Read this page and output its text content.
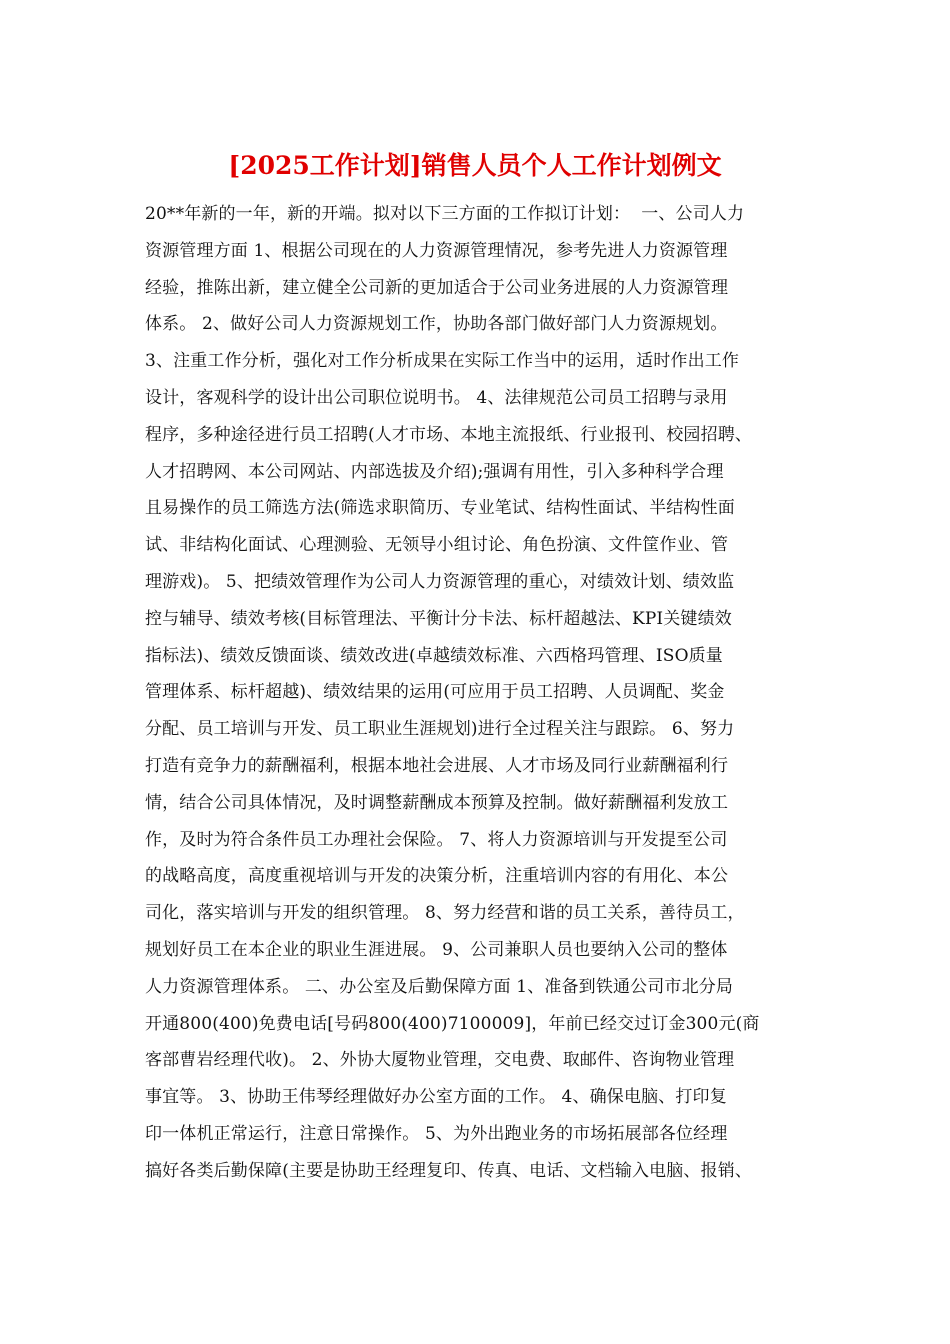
[2025工作计划]销售人员个人工作计划例文
20**年新的一年，新的开端。拟对以下三方面的工作拟订计划：  一、公司人力
资源管理方面 1、根据公司现在的人力资源管理情况，参考先进人力资源管理
经验，推陈出新，建立健全公司新的更加适合于公司业务进展的人力资源管理
体系。 2、做好公司人力资源规划工作，协助各部门做好部门人力资源规划。
3、注重工作分析，强化对工作分析成果在实际工作当中的运用，适时作出工作
设计，客观科学的设计出公司职位说明书。 4、法律规范公司员工招聘与录用
程序，多种途径进行员工招聘(人才市场、本地主流报纸、行业报刊、校园招聘、
人才招聘网、本公司网站、内部选拔及介绍);强调有用性，引入多种科学合理
且易操作的员工筛选方法(筛选求职简历、专业笔试、结构性面试、半结构性面
试、非结构化面试、心理测验、无领导小组讨论、角色扮演、文件筐作业、管
理游戏)。 5、把绩效管理作为公司人力资源管理的重心，对绩效计划、绩效监
控与辅导、绩效考核(目标管理法、平衡计分卡法、标杆超越法、KPI关键绩效
指标法)、绩效反馈面谈、绩效改进(卓越绩效标准、六西格玛管理、ISO质量
管理体系、标杆超越)、绩效结果的运用(可应用于员工招聘、人员调配、奖金
分配、员工培训与开发、员工职业生涯规划)进行全过程关注与跟踪。 6、努力
打造有竞争力的薪酬福利，根据本地社会进展、人才市场及同行业薪酬福利行
情，结合公司具体情况，及时调整薪酬成本预算及控制。做好薪酬福利发放工
作，及时为符合条件员工办理社会保险。 7、将人力资源培训与开发提至公司
的战略高度，高度重视培训与开发的决策分析，注重培训内容的有用化、本公
司化，落实培训与开发的组织管理。 8、努力经营和谐的员工关系，善待员工，
规划好员工在本企业的职业生涯进展。 9、公司兼职人员也要纳入公司的整体
人力资源管理体系。 二、办公室及后勤保障方面 1、准备到铁通公司市北分局
开通800(400)免费电话[号码800(400)7100009]，年前已经交过订金300元(商
客部曹岩经理代收)。 2、外协大厦物业管理，交电费、取邮件、咨询物业管理
事宜等。 3、协助王伟琴经理做好办公室方面的工作。 4、确保电脑、打印复
印一体机正常运行，注意日常操作。 5、为外出跑业务的市场拓展部各位经理
搞好各类后勤保障(主要是协助王经理复印、传真、电话、文档输入电脑、报销、
